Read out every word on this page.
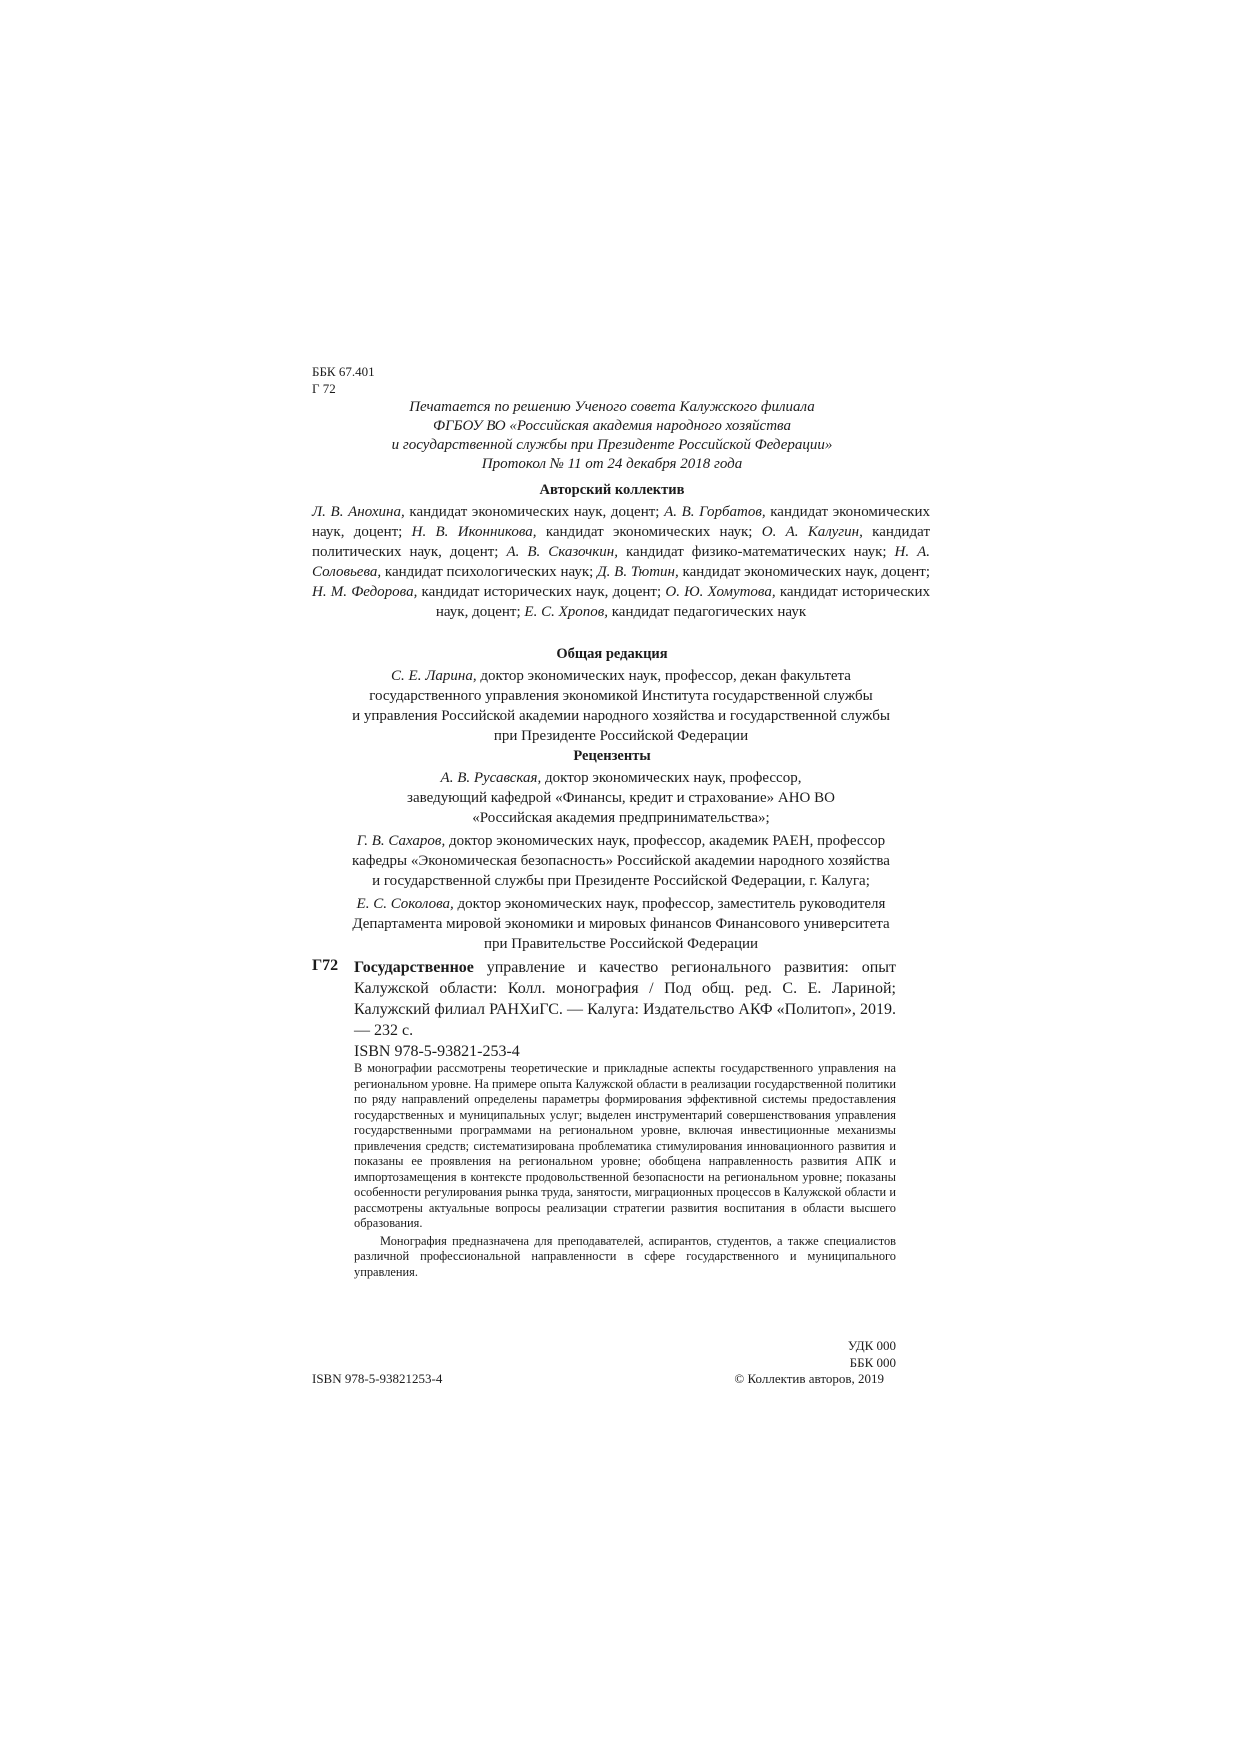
ББК 67.401
Г 72
Печатается по решению Ученого совета Калужского филиала
ФГБОУ ВО «Российская академия народного хозяйства
и государственной службы при Президенте Российской Федерации»
Протокол № 11 от 24 декабря 2018 года
Авторский коллектив
Л. В. Анохина, кандидат экономических наук, доцент; А. В. Горбатов, кандидат экономических наук, доцент; Н. В. Иконникова, кандидат экономических наук; О. А. Калугин, кандидат политических наук, доцент; А. В. Сказочкин, кандидат физико-математических наук; Н. А. Соловьева, кандидат психологических наук; Д. В. Тютин, кандидат экономических наук, доцент; Н. М. Федорова, кандидат исторических наук, доцент; О. Ю. Хомутова, кандидат исторических наук, доцент; Е. С. Хропов, кандидат педагогических наук
Общая редакция
С. Е. Ларина, доктор экономических наук, профессор, декан факультета
государственного управления экономикой Института государственной службы
и управления Российской академии народного хозяйства и государственной службы
при Президенте Российской Федерации
Рецензенты
А. В. Русавская, доктор экономических наук, профессор,
заведующий кафедрой «Финансы, кредит и страхование» АНО ВО
«Российская академия предпринимательства»;
Г. В. Сахаров, доктор экономических наук, профессор, академик РАЕН, профессор
кафедры «Экономическая безопасность» Российской академии народного хозяйства
и государственной службы при Президенте Российской Федерации, г. Калуга;
Е. С. Соколова, доктор экономических наук, профессор, заместитель руководителя
Департамента мировой экономики и мировых финансов Финансового университета
при Правительстве Российской Федерации
Г72 Государственное управление и качество регионального развития: опыт Калужской области: Колл. монография / Под общ. ред. С. Е. Лариной; Калужский филиал РАНХиГС. — Калуга: Издательство АКФ «Политоп», 2019. — 232 с.
ISBN 978-5-93821-253-4
В монографии рассмотрены теоретические и прикладные аспекты государственного управления на региональном уровне. На примере опыта Калужской области в реализации государственной политики по ряду направлений определены параметры формирования эффективной системы предоставления государственных и муниципальных услуг; выделен инструментарий совершенствования управления государственными программами на региональном уровне, включая инвестиционные механизмы привлечения средств; систематизирована проблематика стимулирования инновационного развития и показаны ее проявления на региональном уровне; обобщена направленность развития АПК и импортозамещения в контексте продовольственной безопасности на региональном уровне; показаны особенности регулирования рынка труда, занятости, миграционных процессов в Калужской области и рассмотрены актуальные вопросы реализации стратегии развития воспитания в области высшего образования.
Монография предназначена для преподавателей, аспирантов, студентов, а также специалистов различной профессиональной направленности в сфере государственного и муниципального управления.
УДК 000
ББК 000
ISBN 978-5-93821253-4	© Коллектив авторов, 2019
